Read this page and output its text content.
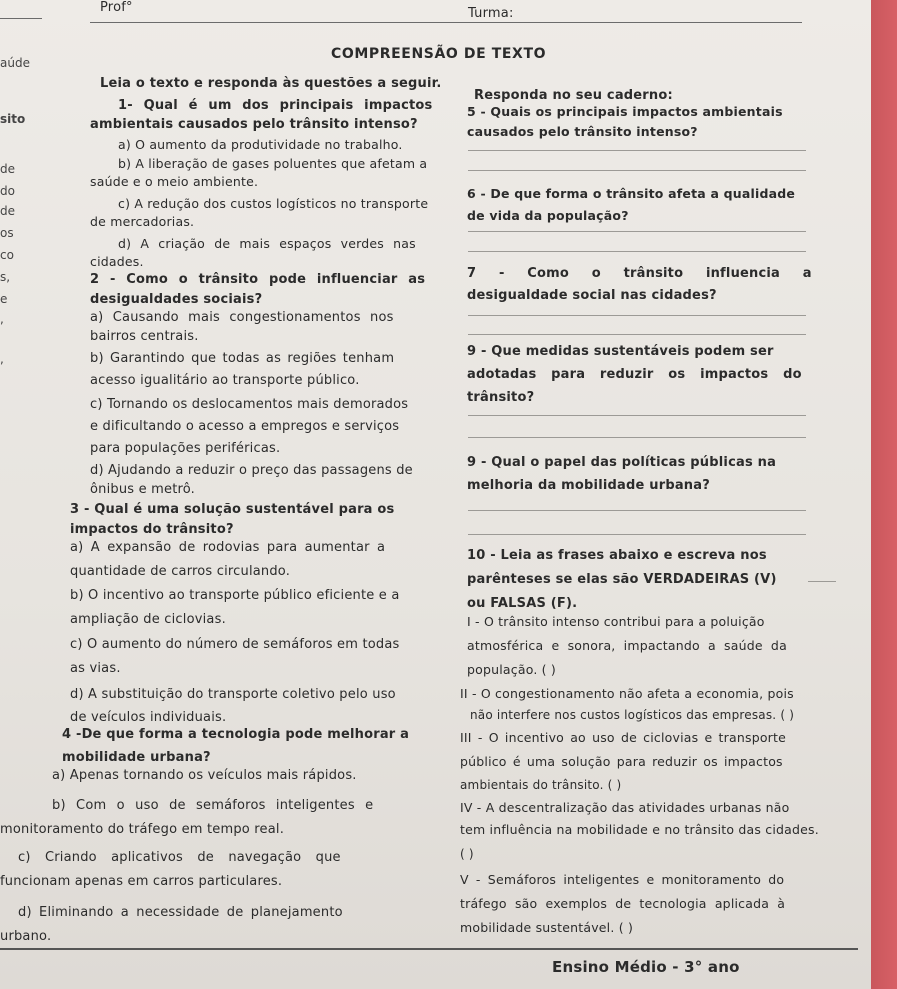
Prof°	Turma:
COMPREENSÃO DE TEXTO
Leia o texto e responda às questões a seguir.
aúde
sito
de
do
de
os
co
s,
e
,
,
1- Qual é um dos principais impactos
ambientais causados pelo trânsito intenso?
a) O aumento da produtividade no trabalho.
b) A liberação de gases poluentes que afetam a
saúde e o meio ambiente.
c) A redução dos custos logísticos no transporte
de mercadorias.
d) A criação de mais espaços verdes nas
cidades.
2 - Como o trânsito pode influenciar as
desigualdades sociais?
a) Causando mais congestionamentos nos
bairros centrais.
b) Garantindo que todas as regiões tenham
acesso igualitário ao transporte público.
c) Tornando os deslocamentos mais demorados
e dificultando o acesso a empregos e serviços
para populações periféricas.
d) Ajudando a reduzir o preço das passagens de
ônibus e metrô.
3 - Qual é uma solução sustentável para os
impactos do trânsito?
a) A expansão de rodovias para aumentar a
quantidade de carros circulando.
b) O incentivo ao transporte público eficiente e a
ampliação de ciclovias.
c) O aumento do número de semáforos em todas
as vias.
d) A substituição do transporte coletivo pelo uso
de veículos individuais.
4 -De que forma a tecnologia pode melhorar a
mobilidade urbana?
a) Apenas tornando os veículos mais rápidos.
b) Com o uso de semáforos inteligentes e
monitoramento do tráfego em tempo real.
c) Criando aplicativos de navegação que
funcionam apenas em carros particulares.
d) Eliminando a necessidade de planejamento
urbano.
Responda no seu caderno:
5 - Quais os principais impactos ambientais
causados pelo trânsito intenso?
6 - De que forma o trânsito afeta a qualidade
de vida da população?
7 - Como o trânsito influencia a
desigualdade social nas cidades?
9 - Que medidas sustentáveis podem ser
adotadas para reduzir os impactos do
trânsito?
9 - Qual o papel das políticas públicas na
melhoria da mobilidade urbana?
10 - Leia as frases abaixo e escreva nos
parênteses se elas são VERDADEIRAS (V)
ou FALSAS (F).
I - O trânsito intenso contribui para a poluição
atmosférica e sonora, impactando a saúde da
população. ( )
II - O congestionamento não afeta a economia, pois
não interfere nos custos logísticos das empresas. ( )
III - O incentivo ao uso de ciclovias e transporte
público é uma solução para reduzir os impactos
ambientais do trânsito. ( )
IV - A descentralização das atividades urbanas não
tem influência na mobilidade e no trânsito das cidades.
( )
V - Semáforos inteligentes e monitoramento do
tráfego são exemplos de tecnologia aplicada à
mobilidade sustentável. ( )
Ensino Médio - 3° ano
